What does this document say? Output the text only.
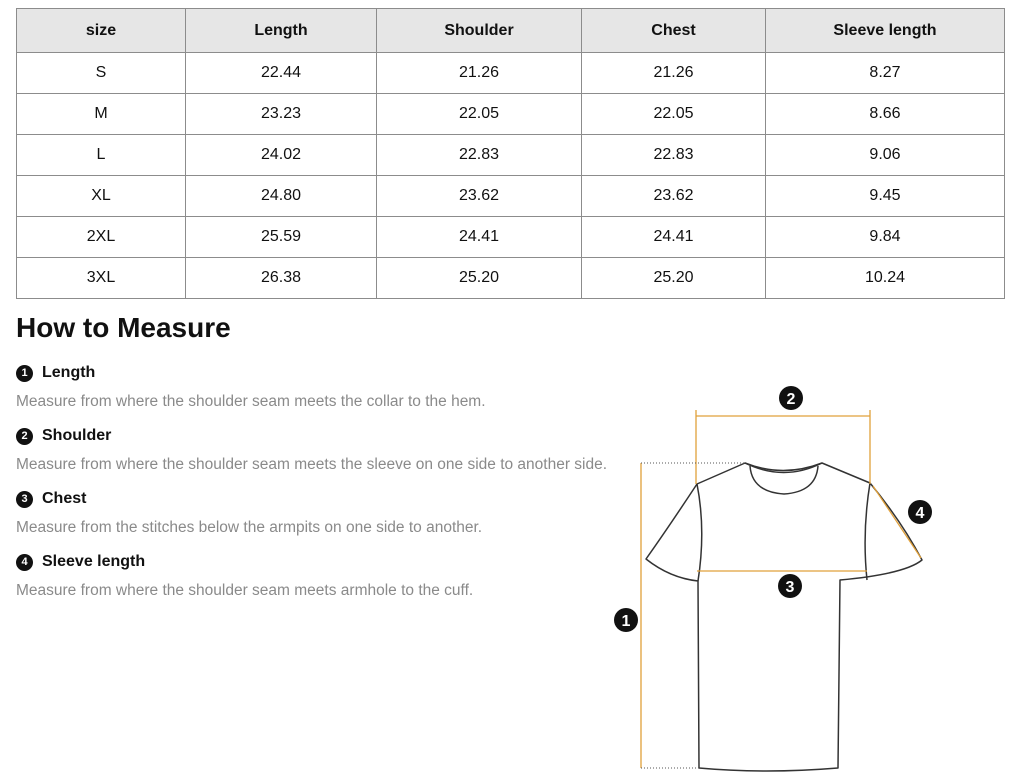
size	Length	Shoulder	Chest	Sleeve length
S	22.44	21.26	21.26	8.27
M	23.23	22.05	22.05	8.66
L	24.02	22.83	22.83	9.06
XL	24.80	23.62	23.62	9.45
2XL	25.59	24.41	24.41	9.84
3XL	26.38	25.20	25.20	10.24
How to Measure
1 Length
Measure from where the shoulder seam meets the collar to the hem.
2 Shoulder
Measure from where the shoulder seam meets the sleeve on one side to another side.
3 Chest
Measure from the stitches below the armpits on one side to another.
4 Sleeve length
Measure from where the shoulder seam meets armhole to the cuff.
1
2
3
4
